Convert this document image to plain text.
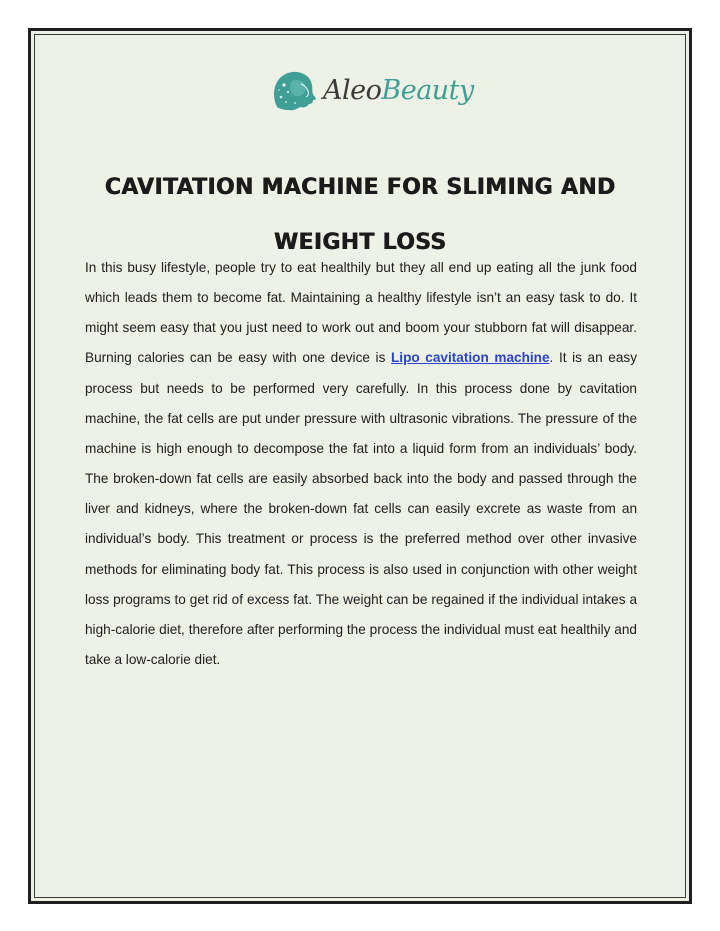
AleoBeauty
CAVITATION MACHINE FOR SLIMING AND WEIGHT LOSS

In this busy lifestyle, people try to eat healthily but they all end up eating all the junk food which leads them to become fat. Maintaining a healthy lifestyle isn’t an easy task to do. It might seem easy that you just need to work out and boom your stubborn fat will disappear. Burning calories can be easy with one device is Lipo cavitation machine. It is an easy process but needs to be performed very carefully. In this process done by cavitation machine, the fat cells are put under pressure with ultrasonic vibrations. The pressure of the machine is high enough to decompose the fat into a liquid form from an individuals’ body. The broken-down fat cells are easily absorbed back into the body and passed through the liver and kidneys, where the broken-down fat cells can easily excrete as waste from an individual’s body. This treatment or process is the preferred method over other invasive methods for eliminating body fat. This process is also used in conjunction with other weight loss programs to get rid of excess fat. The weight can be regained if the individual intakes a high-calorie diet, therefore after performing the process the individual must eat healthily and take a low-calorie diet.
